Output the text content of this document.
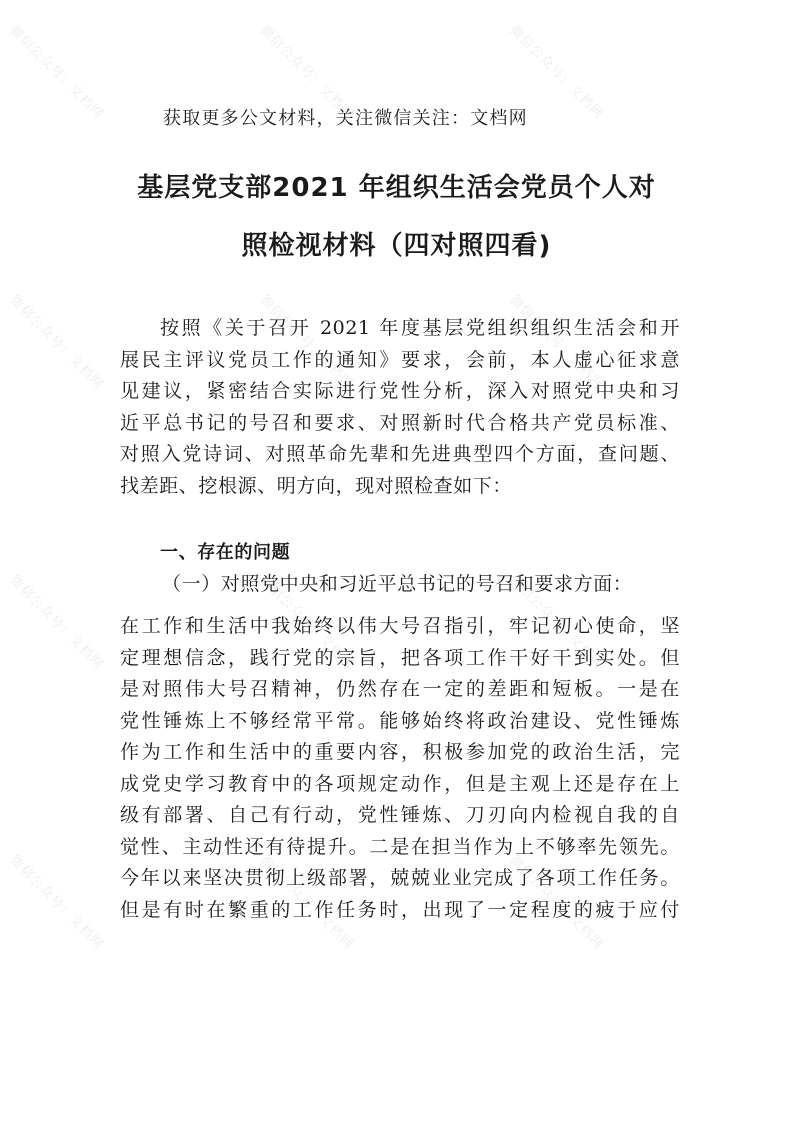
微信公众号：文档网	微信公众号：文档网	微信公众号：文档网
微信公众号：文档网	微信公众号：文档网	微信公众号：文档网
微信公众号：文档网	微信公众号：文档网	微信公众号：文档网
微信公众号：文档网	微信公众号：文档网	微信公众号：文档网
获取更多公文材料，关注微信关注：文档网
基层党支部2021 年组织生活会党员个人对
照检视材料（四对照四看)
按照《关于召开 2021 年度基层党组织组织生活会和开
展民主评议党员工作的通知》要求，会前，本人虚心征求意
见建议，紧密结合实际进行党性分析，深入对照党中央和习
近平总书记的号召和要求、对照新时代合格共产党员标准、
对照入党诗词、对照革命先辈和先进典型四个方面，查问题、
找差距、挖根源、明方向，现对照检查如下：
一、存在的问题
（一）对照党中央和习近平总书记的号召和要求方面：
在工作和生活中我始终以伟大号召指引，牢记初心使命，坚
定理想信念，践行党的宗旨，把各项工作干好干到实处。但
是对照伟大号召精神，仍然存在一定的差距和短板。一是在
党性锤炼上不够经常平常。能够始终将政治建设、党性锤炼
作为工作和生活中的重要内容，积极参加党的政治生活，完
成党史学习教育中的各项规定动作，但是主观上还是存在上
级有部署、自己有行动，党性锤炼、刀刃向内检视自我的自
觉性、主动性还有待提升。二是在担当作为上不够率先领先。
今年以来坚决贯彻上级部署，兢兢业业完成了各项工作任务。
但是有时在繁重的工作任务时，出现了一定程度的疲于应付
